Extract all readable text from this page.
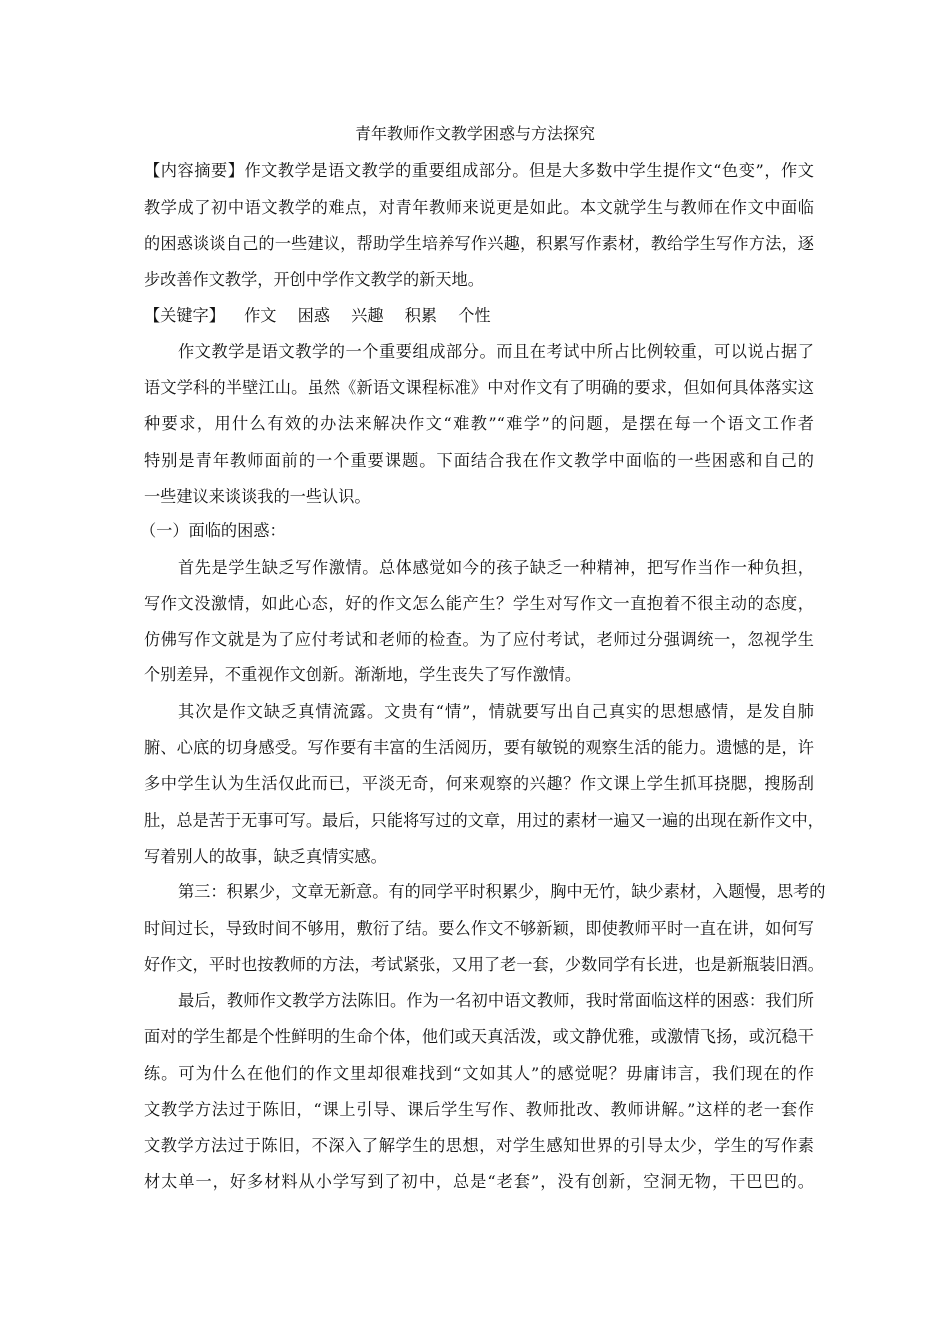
青年教师作文教学困惑与方法探究
【内容摘要】作文教学是语文教学的重要组成部分。但是大多数中学生提作文“色变”，作文
教学成了初中语文教学的难点，对青年教师来说更是如此。本文就学生与教师在作文中面临
的困惑谈谈自己的一些建议，帮助学生培养写作兴趣，积累写作素材，教给学生写作方法，逐
步改善作文教学，开创中学作文教学的新天地。
【关键字】 作文 困惑 兴趣 积累 个性
作文教学是语文教学的一个重要组成部分。而且在考试中所占比例较重，可以说占据了
语文学科的半壁江山。虽然《新语文课程标准》中对作文有了明确的要求，但如何具体落实这
种要求，用什么有效的办法来解决作文“难教”“难学”的问题，是摆在每一个语文工作者
特别是青年教师面前的一个重要课题。下面结合我在作文教学中面临的一些困惑和自己的
一些建议来谈谈我的一些认识。
（一）面临的困惑：
首先是学生缺乏写作激情。总体感觉如今的孩子缺乏一种精神，把写作当作一种负担，
写作文没激情，如此心态，好的作文怎么能产生？学生对写作文一直抱着不很主动的态度，
仿佛写作文就是为了应付考试和老师的检查。为了应付考试，老师过分强调统一，忽视学生
个别差异，不重视作文创新。渐渐地，学生丧失了写作激情。
其次是作文缺乏真情流露。文贵有“情”，情就要写出自己真实的思想感情，是发自肺
腑、心底的切身感受。写作要有丰富的生活阅历，要有敏锐的观察生活的能力。遗憾的是，许
多中学生认为生活仅此而已，平淡无奇，何来观察的兴趣？作文课上学生抓耳挠腮，搜肠刮
肚，总是苦于无事可写。最后，只能将写过的文章，用过的素材一遍又一遍的出现在新作文中，
写着别人的故事，缺乏真情实感。
第三：积累少，文章无新意。有的同学平时积累少，胸中无竹，缺少素材，入题慢，思考的
时间过长，导致时间不够用，敷衍了结。要么作文不够新颖，即使教师平时一直在讲，如何写
好作文，平时也按教师的方法，考试紧张，又用了老一套，少数同学有长进，也是新瓶装旧酒。
最后，教师作文教学方法陈旧。作为一名初中语文教师，我时常面临这样的困惑：我们所
面对的学生都是个性鲜明的生命个体，他们或天真活泼，或文静优雅，或激情飞扬，或沉稳干
练。可为什么在他们的作文里却很难找到“文如其人”的感觉呢？毋庸讳言，我们现在的作
文教学方法过于陈旧，“课上引导、课后学生写作、教师批改、教师讲解。”这样的老一套作
文教学方法过于陈旧，不深入了解学生的思想，对学生感知世界的引导太少，学生的写作素
材太单一，好多材料从小学写到了初中，总是“老套”，没有创新，空洞无物，干巴巴的。
